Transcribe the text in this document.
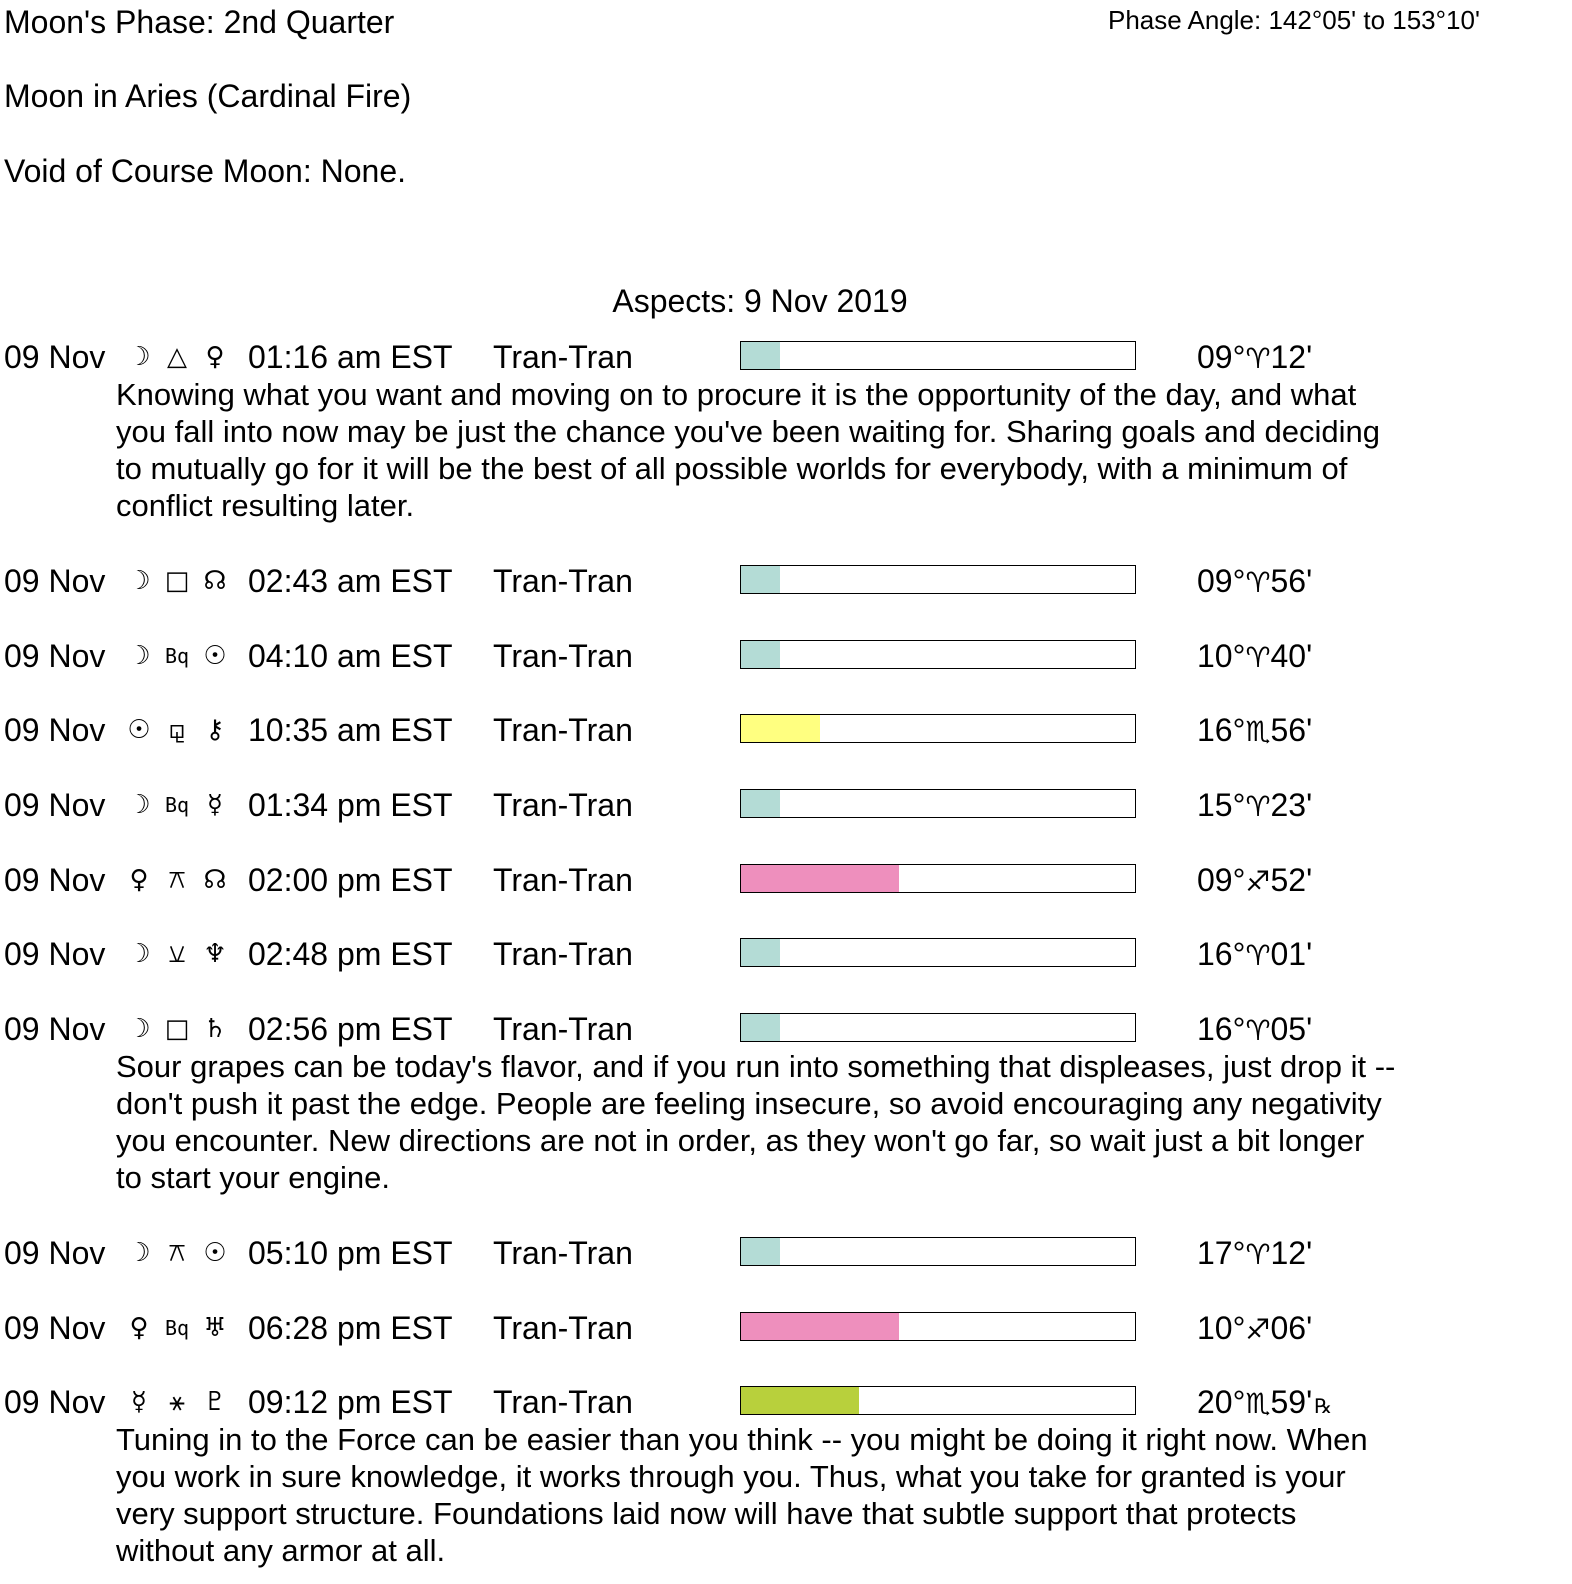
Moon's Phase: 2nd Quarter	Phase Angle: 142°05' to 153°10'
Moon in Aries (Cardinal Fire)
Void of Course Moon: None.
Aspects: 9 Nov 2019
09 Nov ☽ △ ♀ 01:16 am EST Tran-Tran	09°♈12'
Knowing what you want and moving on to procure it is the opportunity of the day, and what
you fall into now may be just the chance you've been waiting for. Sharing goals and deciding
to mutually go for it will be the best of all possible worlds for everybody, with a minimum of
conflict resulting later.
09 Nov ☽ □ ☊ 02:43 am EST Tran-Tran	09°♈56'
09 Nov ☽ Bq ☉ 04:10 am EST Tran-Tran	10°♈40'
09 Nov ☉ ⚼ ⚷ 10:35 am EST Tran-Tran	16°♏56'
09 Nov ☽ Bq ☿ 01:34 pm EST Tran-Tran	15°♈23'
09 Nov ♀ ⚻ ☊ 02:00 pm EST Tran-Tran	09°♐52'
09 Nov ☽ ⚺ ♆ 02:48 pm EST Tran-Tran	16°♈01'
09 Nov ☽ □ ♄ 02:56 pm EST Tran-Tran	16°♈05'
Sour grapes can be today's flavor, and if you run into something that displeases, just drop it --
don't push it past the edge. People are feeling insecure, so avoid encouraging any negativity
you encounter. New directions are not in order, as they won't go far, so wait just a bit longer
to start your engine.
09 Nov ☽ ⚻ ☉ 05:10 pm EST Tran-Tran	17°♈12'
09 Nov ♀ Bq ♅ 06:28 pm EST Tran-Tran	10°♐06'
09 Nov ☿ ⚹ ♇ 09:12 pm EST Tran-Tran	20°♏59' ℞
Tuning in to the Force can be easier than you think -- you might be doing it right now. When
you work in sure knowledge, it works through you. Thus, what you take for granted is your
very support structure. Foundations laid now will have that subtle support that protects
without any armor at all.
